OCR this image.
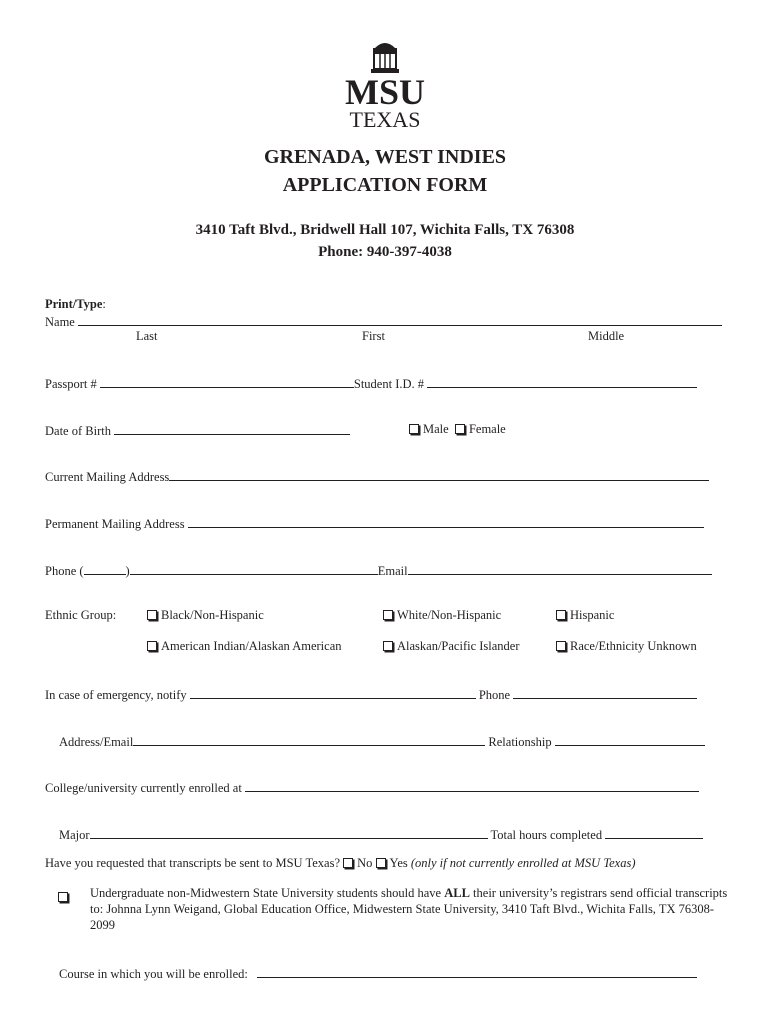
MSU
TEXAS
GRENADA, WEST INDIES
APPLICATION FORM
3410 Taft Blvd., Bridwell Hall 107, Wichita Falls, TX 76308
Phone: 940-397-4038
Print/Type:
Name
Last	First	Middle
Passport #	Student I.D. #
Date of Birth	Male Female
Current Mailing Address
Permanent Mailing Address
Phone (	)	Email
Ethnic Group:	Black/Non-Hispanic	White/Non-Hispanic	Hispanic
American Indian/Alaskan American	Alaskan/Pacific Islander	Race/Ethnicity Unknown
In case of emergency, notify	Phone
Address/Email	Relationship
College/university currently enrolled at
Major	Total hours completed
Have you requested that transcripts be sent to MSU Texas? No Yes (only if not currently enrolled at MSU Texas)
Undergraduate non-Midwestern State University students should have ALL their university’s registrars send official transcripts to: Johnna Lynn Weigand, Global Education Office, Midwestern State University, 3410 Taft Blvd., Wichita Falls, TX 76308-2099
Course in which you will be enrolled:
